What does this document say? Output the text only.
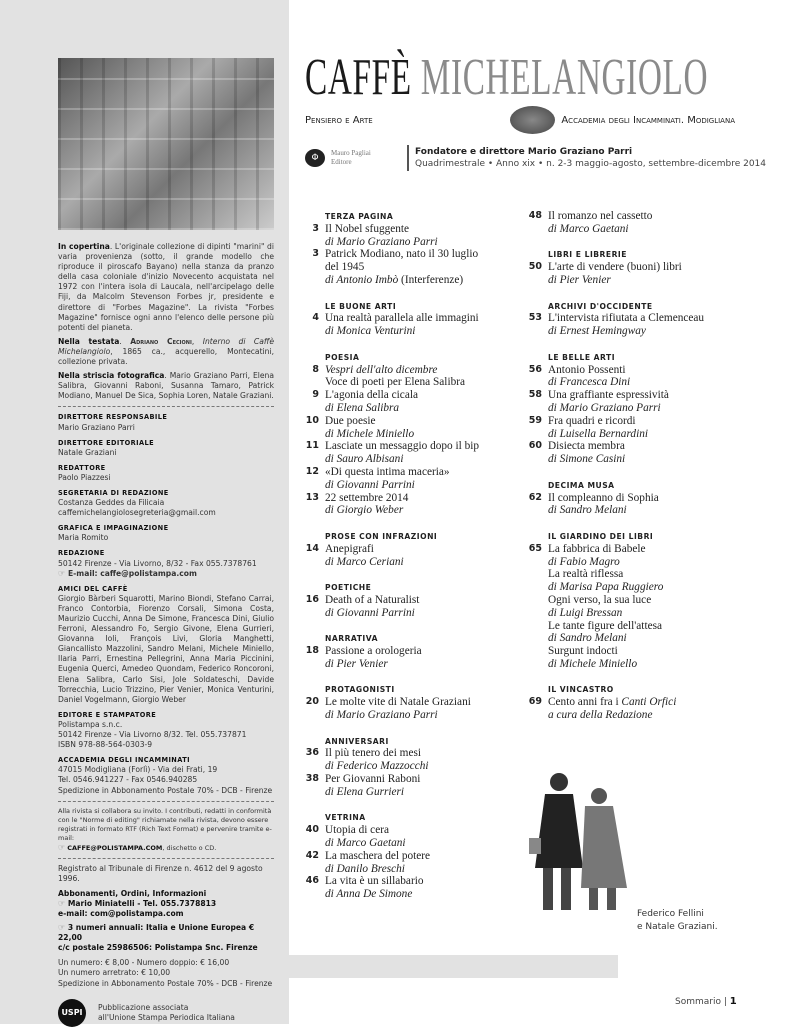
In copertina. L'originale collezione di dipinti "marini" di varia provenienza (sotto, il grande modello che riproduce il piroscafo Bayano) nella stanza da pranzo della casa coloniale d'inizio Novecento acquistata nel 1972 con l'intera isola di Laucala, nell'arcipelago delle Fiji, da Malcolm Stevenson Forbes jr, presidente e direttore di "Forbes Magazine". La rivista "Forbes Magazine" fornisce ogni anno l'elenco delle persone più potenti del pianeta.

Nella testata. Adriano Cecioni, Interno di Caffè Michelangiolo, 1865 ca., acquerello, Montecatini, collezione privata.

Nella striscia fotografica. Mario Graziano Parri, Elena Salibra, Giovanni Raboni, Susanna Tamaro, Patrick Modiano, Manuel De Sica, Sophia Loren, Natale Graziani.

DIRETTORE RESPONSABILE
Mario Graziano Parri
DIRETTORE EDITORIALE
Natale Graziani
REDATTORE
Paolo Piazzesi
SEGRETARIA DI REDAZIONE
Costanza Geddes da Filicaia
caffemichelangiolosegreteria@gmail.com
GRAFICA E IMPAGINAZIONE
Maria Romito
REDAZIONE
50142 Firenze - Via Livorno, 8/32 - Fax 055.7378761
☞ E-mail: caffe@polistampa.com
AMICI DEL CAFFÈ
Giorgio Bàrberi Squarotti, Marino Biondi, Stefano Carrai, Franco Contorbia, Fiorenzo Corsali, Simona Costa, Maurizio Cucchi, Anna De Simone, Francesca Dini, Giulio Ferroni, Alessandro Fo, Sergio Givone, Elena Gurrieri, Giovanna Ioli, François Livi, Gloria Manghetti, Giancallisto Mazzolini, Sandro Melani, Michele Miniello, Ilaria Parri, Ernestina Pellegrini, Anna Maria Piccinini, Eugenia Querci, Amedeo Quondam, Federico Roncoroni, Elena Salibra, Carlo Sisi, Jole Soldateschi, Davide Torrecchia, Lucio Trizzino, Pier Venier, Monica Venturini, Daniel Vogelmann, Giorgio Weber
EDITORE E STAMPATORE
Polistampa s.n.c.
50142 Firenze - Via Livorno 8/32. Tel. 055.737871
ISBN 978-88-564-0303-9
ACCADEMIA DEGLI INCAMMINATI
47015 Modigliana (Forlì) - Via dei Frati, 19
Tel. 0546.941227 - Fax 0546.940285
Spedizione in Abbonamento Postale 70% - DCB - Firenze
Alla rivista si collabora su invito. I contributi, redatti in conformità con le "Norme di editing" richiamate nella rivista, devono essere registrati in formato RTF (Rich Text Format) e pervenire tramite e-mail:
☞ CAFFE@POLISTAMPA.COM, dischetto o CD.
Registrato al Tribunale di Firenze n. 4612 del 9 agosto 1996.
Abbonamenti, Ordini, Informazioni
☞ Mario Miniatelli - Tel. 055.7378813
e-mail: com@polistampa.com
☞ 3 numeri annuali: Italia e Unione Europea € 22,00
c/c postale 25986506: Polistampa Snc. Firenze
Un numero: € 8,00 - Numero doppio: € 16,00
Un numero arretrato: € 10,00
Spedizione in Abbonamento Postale 70% - DCB - Firenze
USPI
Pubblicazione associata
all'Unione Stampa Periodica Italiana
CAFFÈ MICHELANGIOLO
Pensiero e Arte	Accademia degli Incamminati. Modigliana
Φ	Mauro Pagliai
Editore
Fondatore e direttore Mario Graziano Parri
Quadrimestrale • Anno xix • n. 2-3 maggio-agosto, settembre-dicembre 2014
TERZA PAGINA
3 Il Nobel sfuggente
di Mario Graziano Parri
3 Patrick Modiano, nato il 30 luglio
del 1945
di Antonio Imbò (Interferenze)
LE BUONE ARTI
4 Una realtà parallela alle immagini
di Monica Venturini
POESIA
8 Vespri dell'alto dicembre
Voce di poeti per Elena Salibra
9 L'agonia della cicala
di Elena Salibra
10 Due poesie
di Michele Miniello
11 Lasciate un messaggio dopo il bip
di Sauro Albisani
12 «Di questa intima maceria»
di Giovanni Parrini
13 22 settembre 2014
di Giorgio Weber
PROSE CON INFRAZIONI
14 Anepigrafi
di Marco Ceriani
POETICHE
16 Death of a Naturalist
di Giovanni Parrini
NARRATIVA
18 Passione a orologeria
di Pier Venier
PROTAGONISTI
20 Le molte vite di Natale Graziani
di Mario Graziano Parri
ANNIVERSARI
36 Il più tenero dei mesi
di Federico Mazzocchi
38 Per Giovanni Raboni
di Elena Gurrieri
VETRINA
40 Utopia di cera
di Marco Gaetani
42 La maschera del potere
di Danilo Breschi
46 La vita è un sillabario
di Anna De Simone
48 Il romanzo nel cassetto
di Marco Gaetani
LIBRI E LIBRERIE
50 L'arte di vendere (buoni) libri
di Pier Venier
ARCHIVI D'OCCIDENTE
53 L'intervista rifiutata a Clemenceau
di Ernest Hemingway
LE BELLE ARTI
56 Antonio Possenti
di Francesca Dini
58 Una graffiante espressività
di Mario Graziano Parri
59 Fra quadri e ricordi
di Luisella Bernardini
60 Disiecta membra
di Simone Casini
DECIMA MUSA
62 Il compleanno di Sophia
di Sandro Melani
IL GIARDINO DEI LIBRI
65 La fabbrica di Babele
di Fabio Magro
La realtà riflessa
di Marisa Papa Ruggiero
Ogni verso, la sua luce
di Luigi Bressan
Le tante figure dell'attesa
di Sandro Melani
Surgunt indocti
di Michele Miniello
IL VINCASTRO
69 Cento anni fra i Canti Orfici
a cura della Redazione
Federico Fellini
e Natale Graziani.
Sommario | 1
